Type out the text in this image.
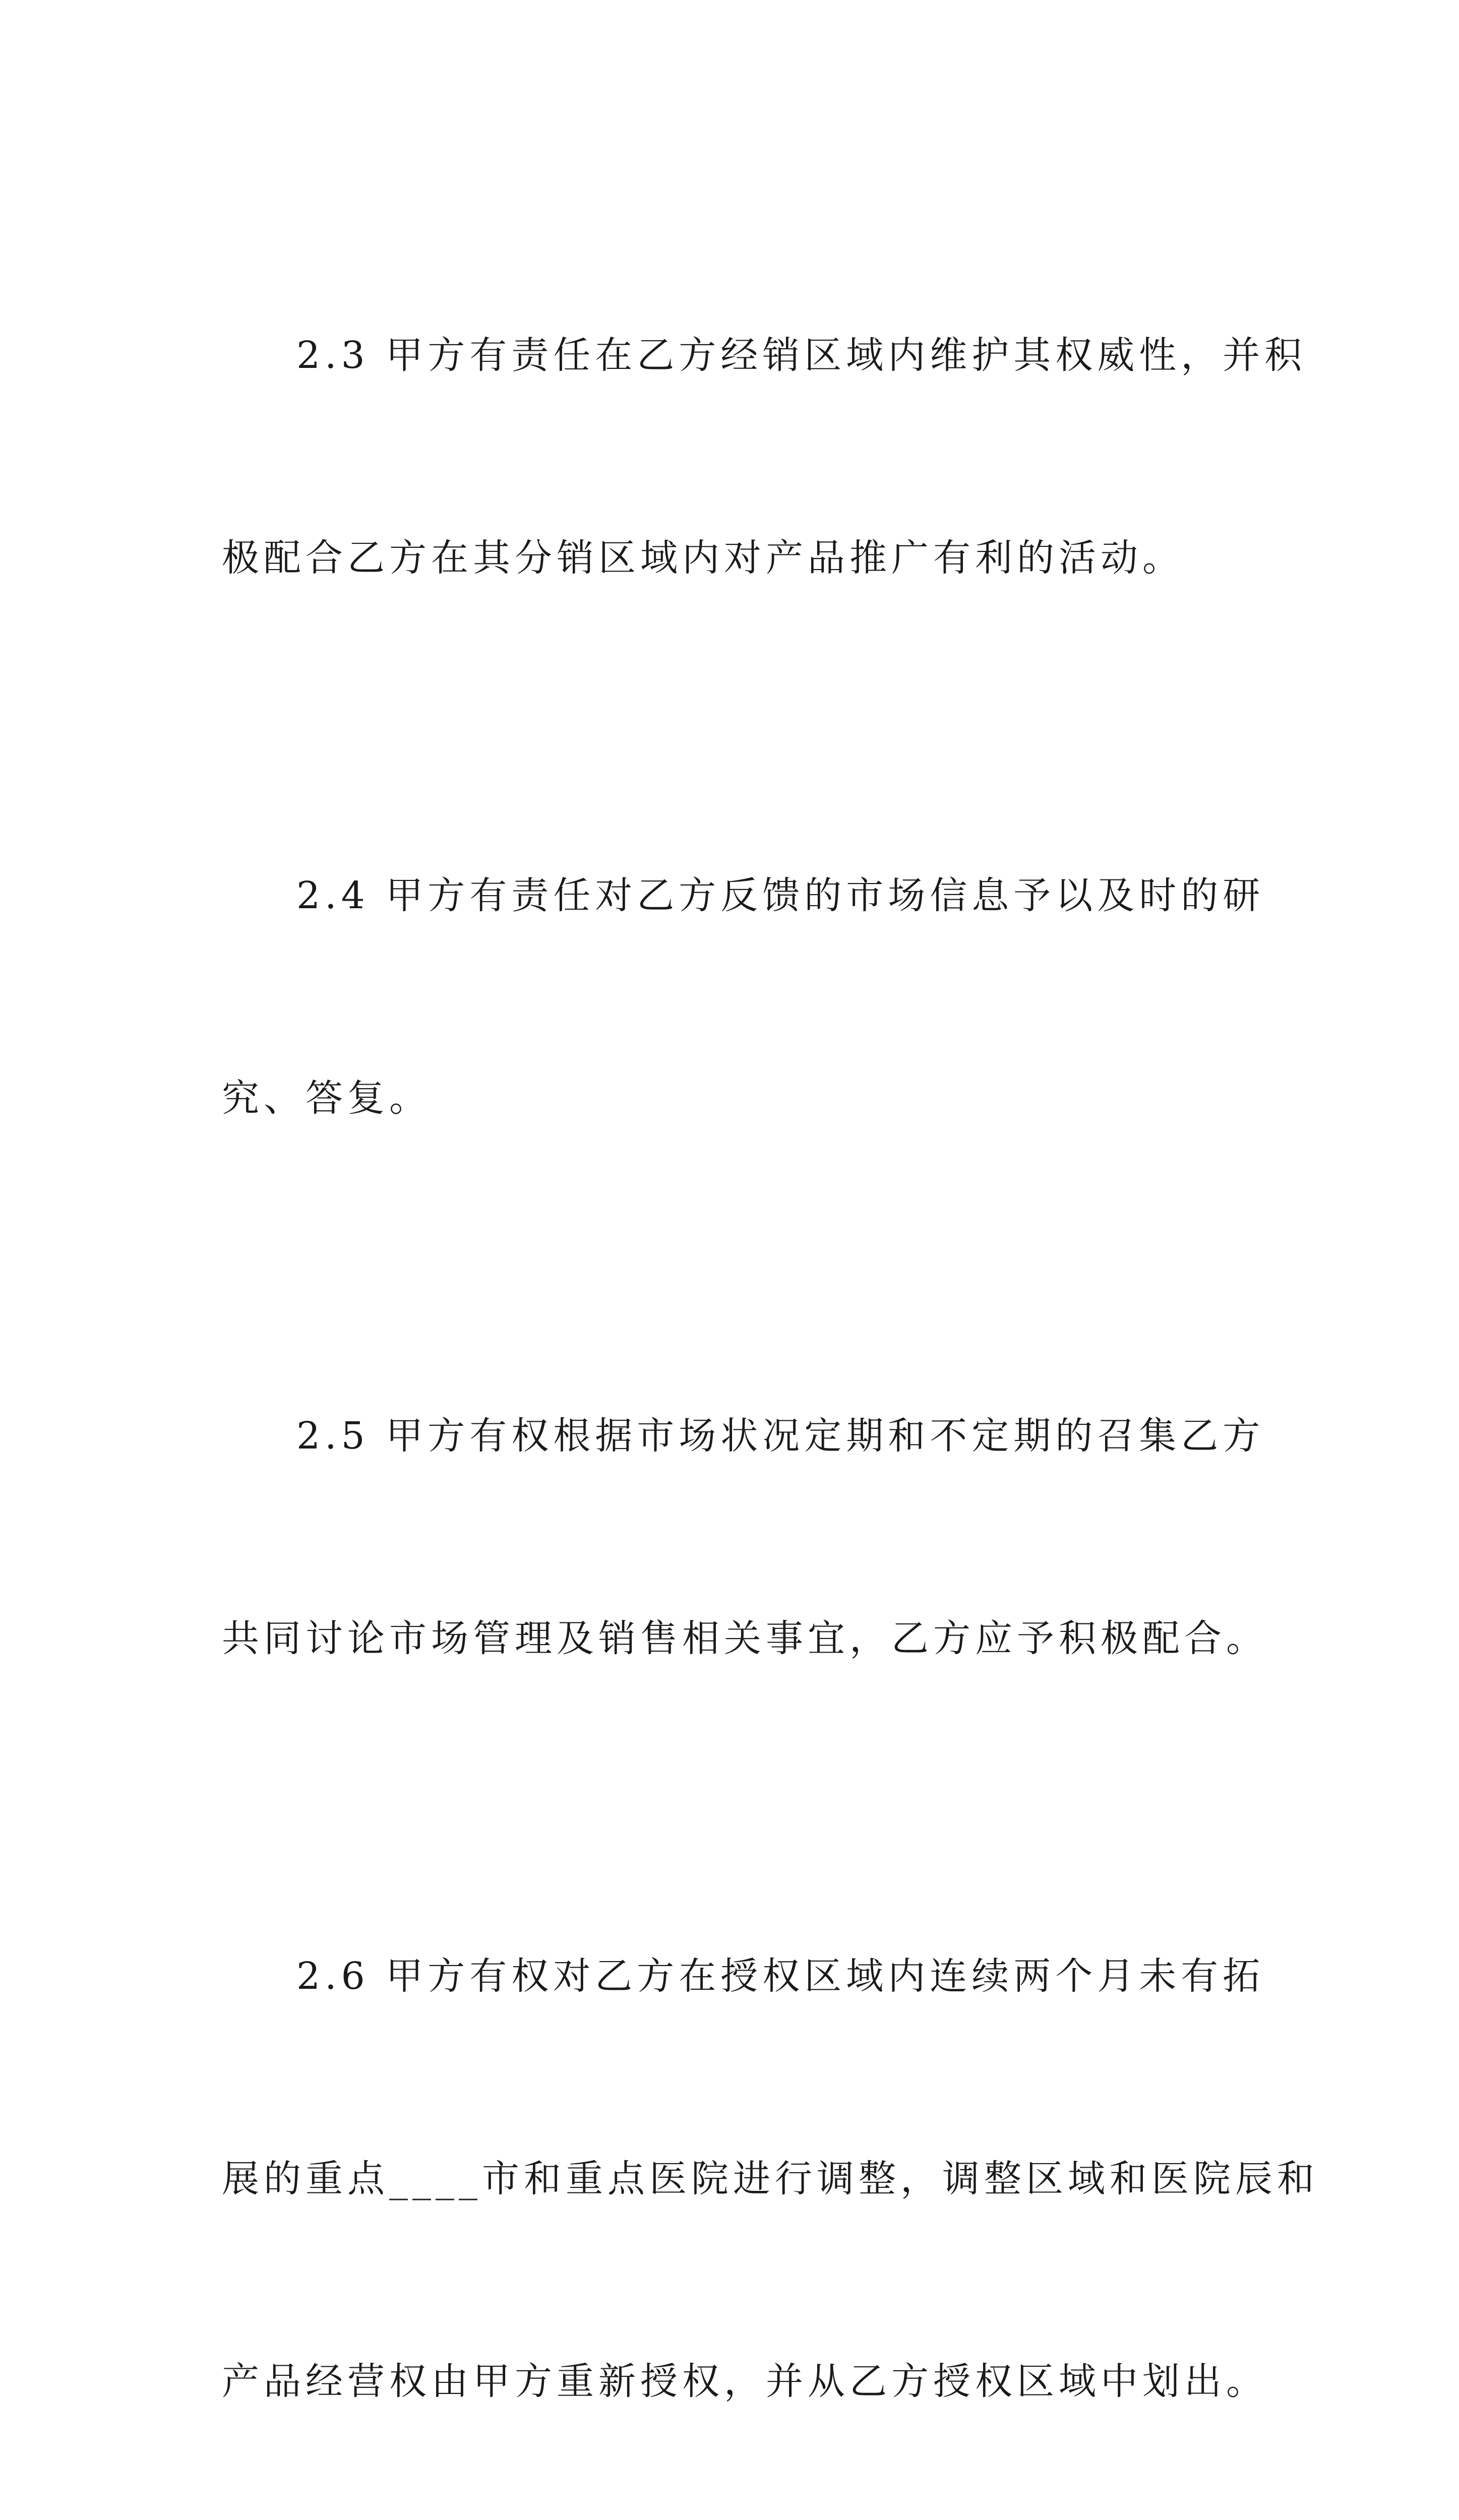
2.3 甲方有责任在乙方经销区域内维护其权威性，并积

极配合乙方在其分销区域内对产品推广有利的活动。

2.4 甲方有责任对乙方反馈的市场信息予以及时的研

究、答复。

2.5 甲方有权根据市场状况定期和不定期的召集乙方

共同讨论市场管理及销售相关事宜，乙方应予积极配合。

2.6 甲方有权对乙方在授权区域内连续两个月未有拓

展的重点____市和重点医院进行调整，调整区域和医院辰和

产品经营权由甲方重新授权，并从乙方授权区域中划出。
